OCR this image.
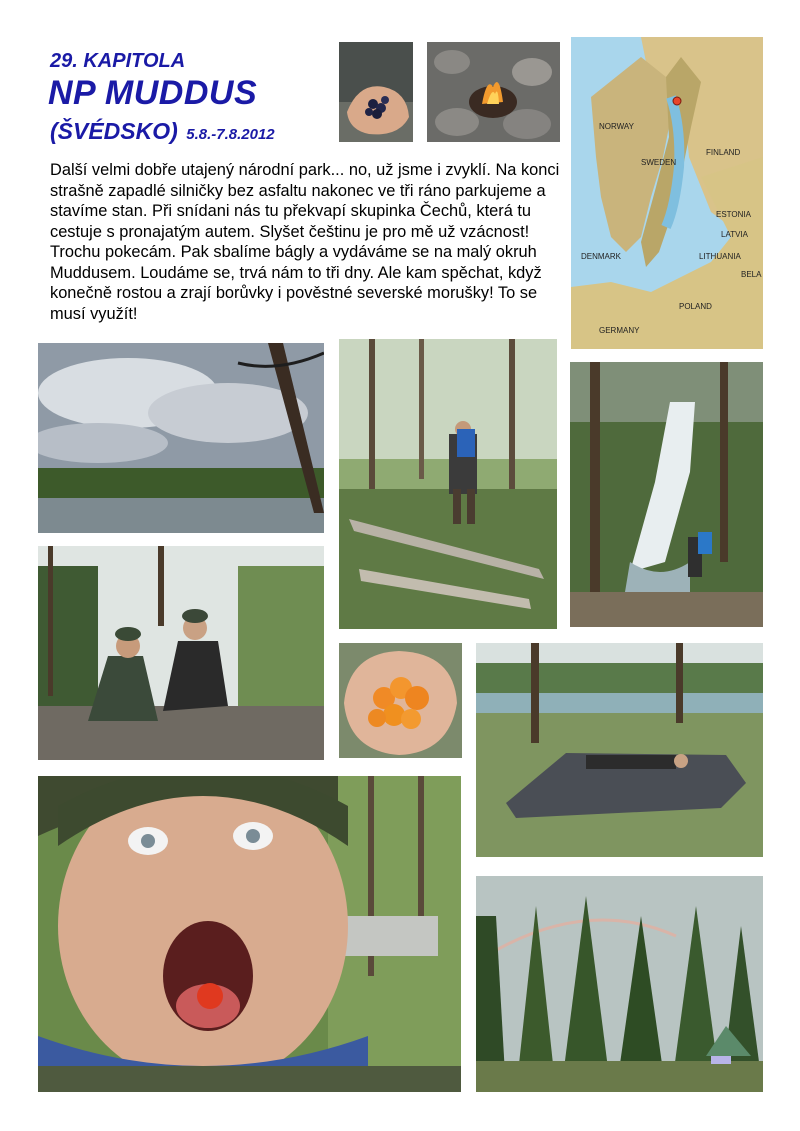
29. KAPITOLA
NP MUDDUS
(ŠVÉDSKO) 5.8.-7.8.2012
Další velmi dobře utajený národní park... no, už jsme i zvyklí. Na konci strašně zapadlé silničky bez asfaltu nakonec ve tři ráno parkujeme a stavíme stan. Při snídani nás tu překvapí skupinka Čechů, která tu cestuje s pronajatým autem. Slyšet češtinu je pro mě už vzácnost! Trochu pokecám. Pak sbalíme bágly a vydáváme se na malý okruh Muddusem. Loudáme se, trvá nám to tři dny. Ale kam spěchat, když konečně rostou a zrají borůvky i pověstné severské morušky! To se musí využít!
NORWAY
SWEDEN
FINLAND
ESTONIA
LATVIA
LITHUANIA
DENMARK
GERMANY
POLAND
BELA
